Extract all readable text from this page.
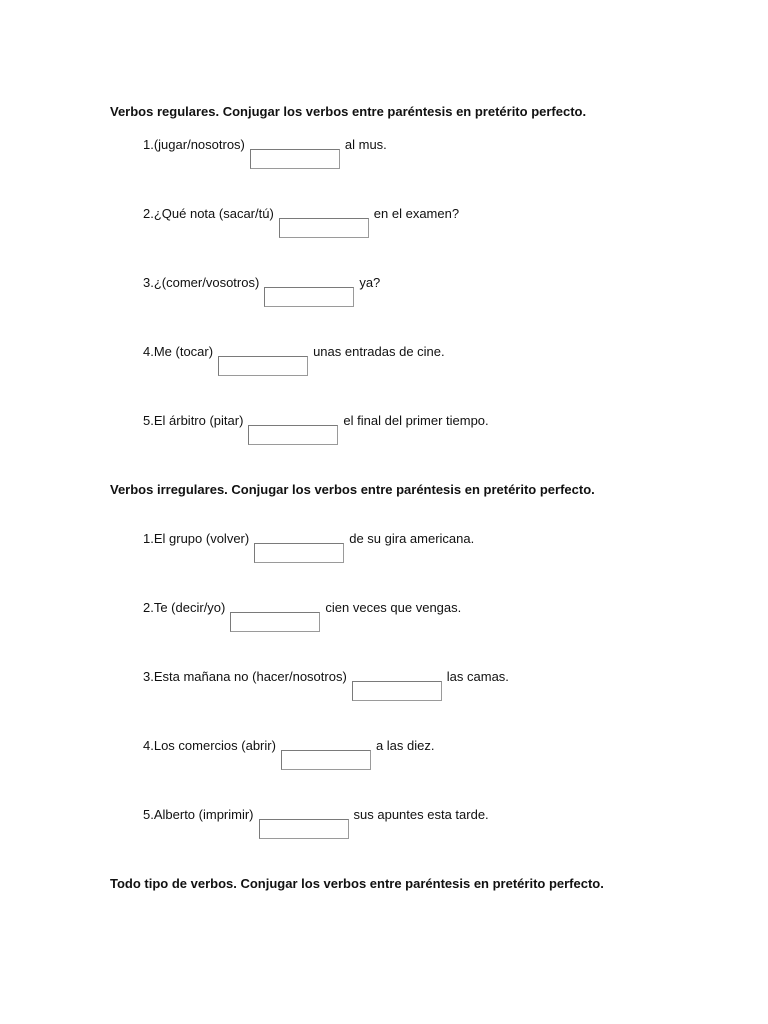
Verbos regulares. Conjugar los verbos entre paréntesis en pretérito perfecto.
1.(jugar/nosotros)	al mus.
2.¿Qué nota (sacar/tú)	en el examen?
3.¿(comer/vosotros)	ya?
4.Me (tocar)	unas entradas de cine.
5.El árbitro (pitar)	el final del primer tiempo.
Verbos irregulares. Conjugar los verbos entre paréntesis en pretérito perfecto.
1.El grupo (volver)	de su gira americana.
2.Te (decir/yo)	cien veces que vengas.
3.Esta mañana no (hacer/nosotros)	las camas.
4.Los comercios (abrir)	a las diez.
5.Alberto (imprimir)	sus apuntes esta tarde.
Todo tipo de verbos. Conjugar los verbos entre paréntesis en pretérito perfecto.
